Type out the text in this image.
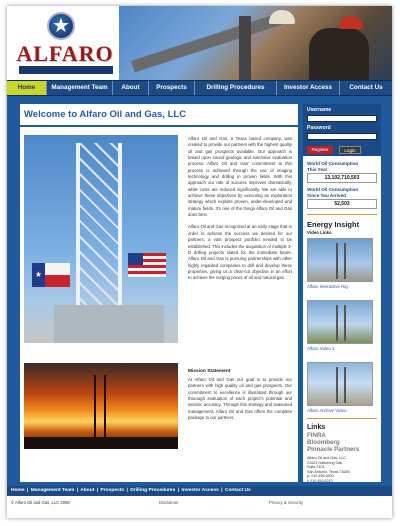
★
ALFARO
Home	Management Team	About	Prospects	Drilling Procedures	Investor Access	Contact Us
Welcome to Alfaro Oil and Gas, LLC
★

Alfaro Oil and Gas, a Texas based company, was created to provide our partners with the highest quality oil and gas prospects available. Our approach is based upon sound geologic and extensive evaluation process. Alfaro Oil and Gas' commitment to this process is achieved through the use of imaging technology and drilling in proven fields. With this approach our rate of success improves dramatically, while costs are reduced significantly. We are able to achieve these objectives by executing an exploration strategy which exploits proven, under-developed and mature fields. It's one of the things Alfaro Oil and Gas does best.

Alfaro Oil and Gas recognized at an early stage that in order to achieve the success we desired for our partners, a vast prospect portfolio needed to be established. This includes the acquisition of multiple 3-D drilling projects slated for the immediate future. Alfaro Oil and Gas is pursuing partnerships with other highly regarded companies to drill and develop these properties, giving us a clear-cut objective in an effort to achieve the surging prices of oil and natural gas.

Mission Statement
At Alfaro Oil and Gas our goal is to provide our partners with high quality oil and gas prospects. Our commitment to excellence is illustrated through our thorough evaluation of each project's potential and seismic accuracy. Through this strategy and seasoned management, Alfaro Oil and Gas offers the complete package to our partners.
Username
Password
Register	Login
World Oil Consumption This Year
13,102,710,503
World Oil Consumption Since You Arrived
52,503
Energy Insight
Video Links
Alfaro Interactive Rig
Alfaro Video 1
Alfaro Archive Video
Links
FINRA
Bloomberg
Pinnacle Partners
Alfaro Oil and Gas, LLC
21023 Gathering Oak
Suite 2101
San Antonio, Texas 78260
p: 210.490.6200
f: 210.490.6210
Home | Management Team | About | Prospects | Drilling Procedures | Investor Access | Contact Us
© Alfaro Oil and Gas, LLC 2008	Disclaimer	Privacy & Security
